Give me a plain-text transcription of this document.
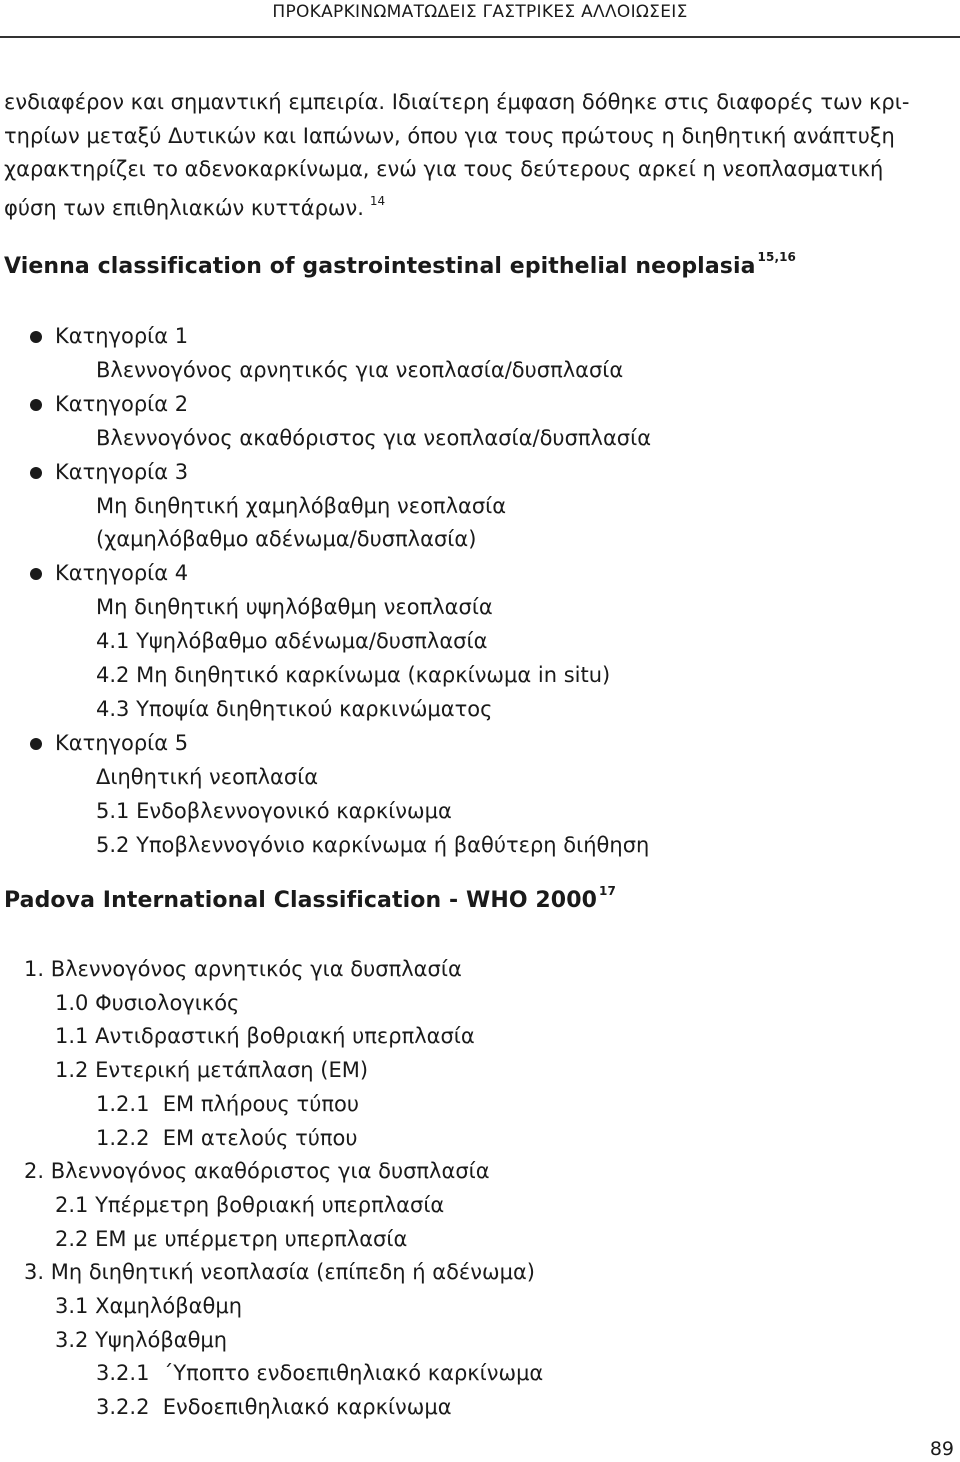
ΠΡΟΚΑΡΚΙΝΩΜΑΤΩΔΕΙΣ ΓΑΣΤΡΙΚΕΣ ΑΛΛΟΙΩΣΕΙΣ

ενδιαφέρον και σημαντική εμπειρία. Ιδιαίτερη έμφαση δόθηκε στις διαφορές των κρι-

τηρίων μεταξύ Δυτικών και Ιαπώνων, όπου για τους πρώτους η διηθητική ανάπτυξη

χαρακτηρίζει το αδενοκαρκίνωμα, ενώ για τους δεύτερους αρκεί η νεοπλασματική

φύση των επιθηλιακών κυττάρων. $^{14}$

Vienna classification of gastrointestinal epithelial neoplasia $^{15,16}$
Κατηγορία 1
Βλεννογόνος αρνητικός για νεοπλασία/δυσπλασία
Κατηγορία 2
Βλεννογόνος ακαθόριστος για νεοπλασία/δυσπλασία
Κατηγορία 3
Μη διηθητική χαμηλόβαθμη νεοπλασία
(χαμηλόβαθμο αδένωμα/δυσπλασία)
Κατηγορία 4
Μη διηθητική υψηλόβαθμη νεοπλασία
4.1 Υψηλόβαθμο αδένωμα/δυσπλασία
4.2 Μη διηθητικό καρκίνωμα (καρκίνωμα in situ)
4.3 Υποψία διηθητικού καρκινώματος
Κατηγορία 5
Διηθητική νεοπλασία
5.1 Ενδοβλεννογονικό καρκίνωμα
5.2 Υποβλεννογόνιο καρκίνωμα ή βαθύτερη διήθηση
Padova International Classification - WHO 2000 $^{17}$
1. Βλεννογόνος αρνητικός για δυσπλασία
1.0 Φυσιολογικός
1.1 Αντιδραστική βοθριακή υπερπλασία
1.2 Εντερική μετάπλαση (ΕΜ)
1.2.1  ΕΜ πλήρους τύπου
1.2.2  ΕΜ ατελούς τύπου
2. Βλεννογόνος ακαθόριστος για δυσπλασία
2.1 Υπέρμετρη βοθριακή υπερπλασία
2.2 ΕΜ με υπέρμετρη υπερπλασία
3. Μη διηθητική νεοπλασία (επίπεδη ή αδένωμα)
3.1 Χαμηλόβαθμη
3.2 Υψηλόβαθμη
3.2.1  ΄Υποπτο ενδοεπιθηλιακό καρκίνωμα
3.2.2  Ενδοεπιθηλιακό καρκίνωμα
89
